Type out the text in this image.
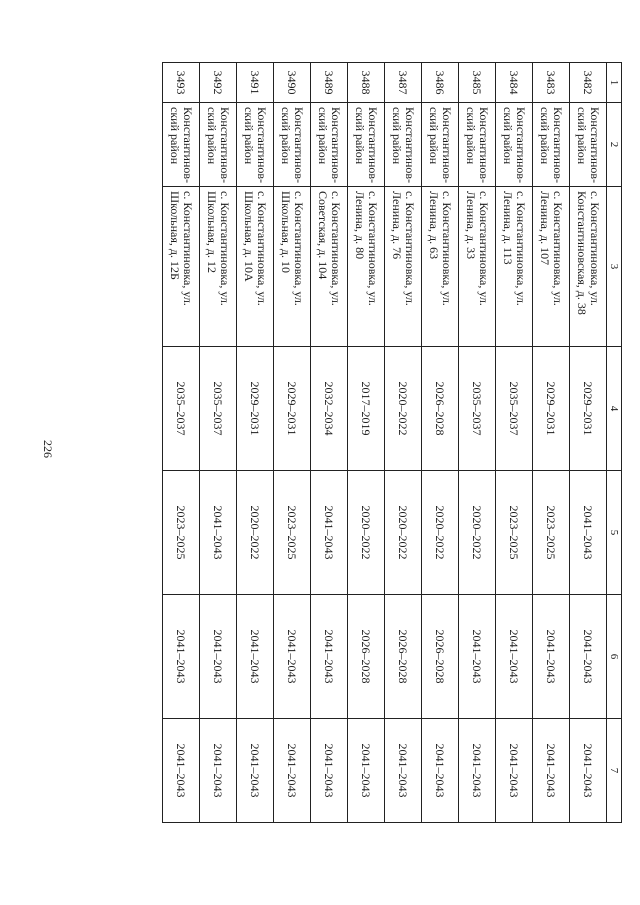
226
1	2	3	4	5	6	7
3482	Константинов-ский район	с. Константиновка, ул. Константиновская, д. 38	2029–2031	2041–2043	2041–2043	2041–2043
3483	Константинов-ский район	с. Константиновка, ул. Ленина, д. 107	2029–2031	2023–2025	2041–2043	2041–2043
3484	Константинов-ский район	с. Константиновка, ул. Ленина, д. 113	2035–2037	2023–2025	2041–2043	2041–2043
3485	Константинов-ский район	с. Константиновка, ул. Ленина, д. 33	2035–2037	2020–2022	2041–2043	2041–2043
3486	Константинов-ский район	с. Константиновка, ул. Ленина, д. 63	2026–2028	2020–2022	2026–2028	2041–2043
3487	Константинов-ский район	с. Константиновка, ул. Ленина, д. 76	2020–2022	2020–2022	2026–2028	2041–2043
3488	Константинов-ский район	с. Константиновка, ул. Ленина, д. 80	2017–2019	2020–2022	2026–2028	2041–2043
3489	Константинов-ский район	с. Константиновка, ул. Советская, д. 104	2032–2034	2041–2043	2041–2043	2041–2043
3490	Константинов-ский район	с. Константиновка, ул. Школьная, д. 10	2029–2031	2023–2025	2041–2043	2041–2043
3491	Константинов-ский район	с. Константиновка, ул. Школьная, д. 10А	2029–2031	2020–2022	2041–2043	2041–2043
3492	Константинов-ский район	с. Константиновка, ул. Школьная, д. 12	2035–2037	2041–2043	2041–2043	2041–2043
3493	Константинов-ский район	с. Константиновка, ул. Школьная, д. 12Б	2035–2037	2023–2025	2041–2043	2041–2043
